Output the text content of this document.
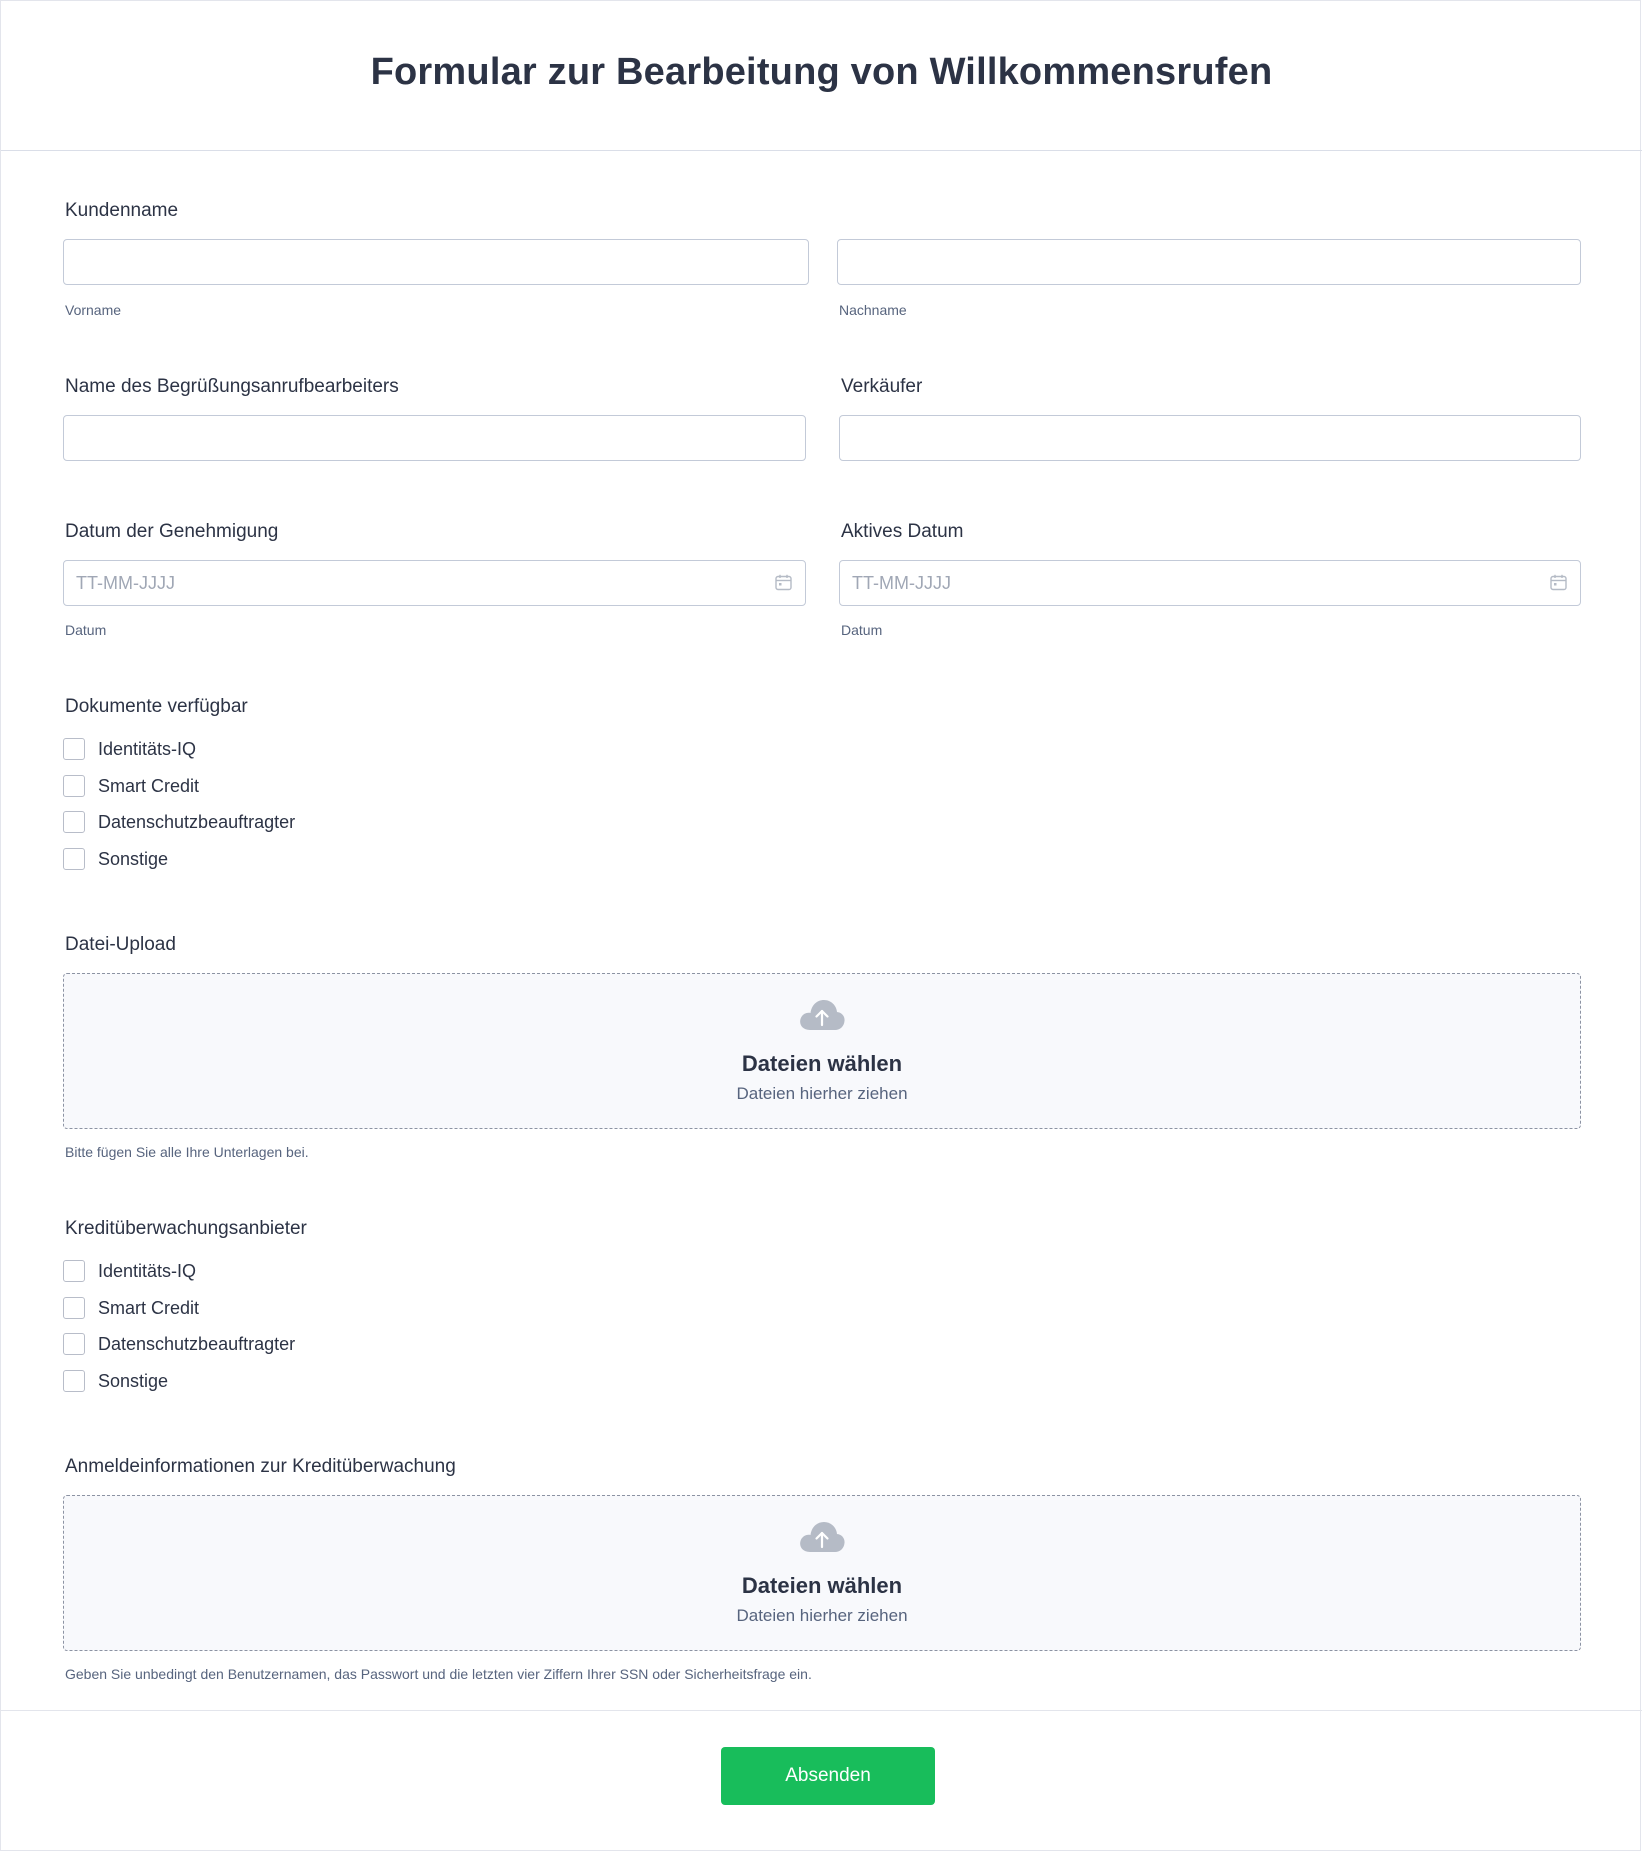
Formular zur Bearbeitung von Willkommensrufen
Kundenname
Vorname	Nachname
Name des Begrüßungsanrufbearbeiters	Verkäufer
Datum der Genehmigung
TT-MM-JJJJ
Datum
Aktives Datum
TT-MM-JJJJ
Datum
Dokumente verfügbar
Identitäts-IQ
Smart Credit
Datenschutzbeauftragter
Sonstige
Datei-Upload
Dateien wählen
Dateien hierher ziehen
Bitte fügen Sie alle Ihre Unterlagen bei.
Kreditüberwachungsanbieter
Identitäts-IQ
Smart Credit
Datenschutzbeauftragter
Sonstige
Anmeldeinformationen zur Kreditüberwachung
Dateien wählen
Dateien hierher ziehen
Geben Sie unbedingt den Benutzernamen, das Passwort und die letzten vier Ziffern Ihrer SSN oder Sicherheitsfrage ein.
Absenden
